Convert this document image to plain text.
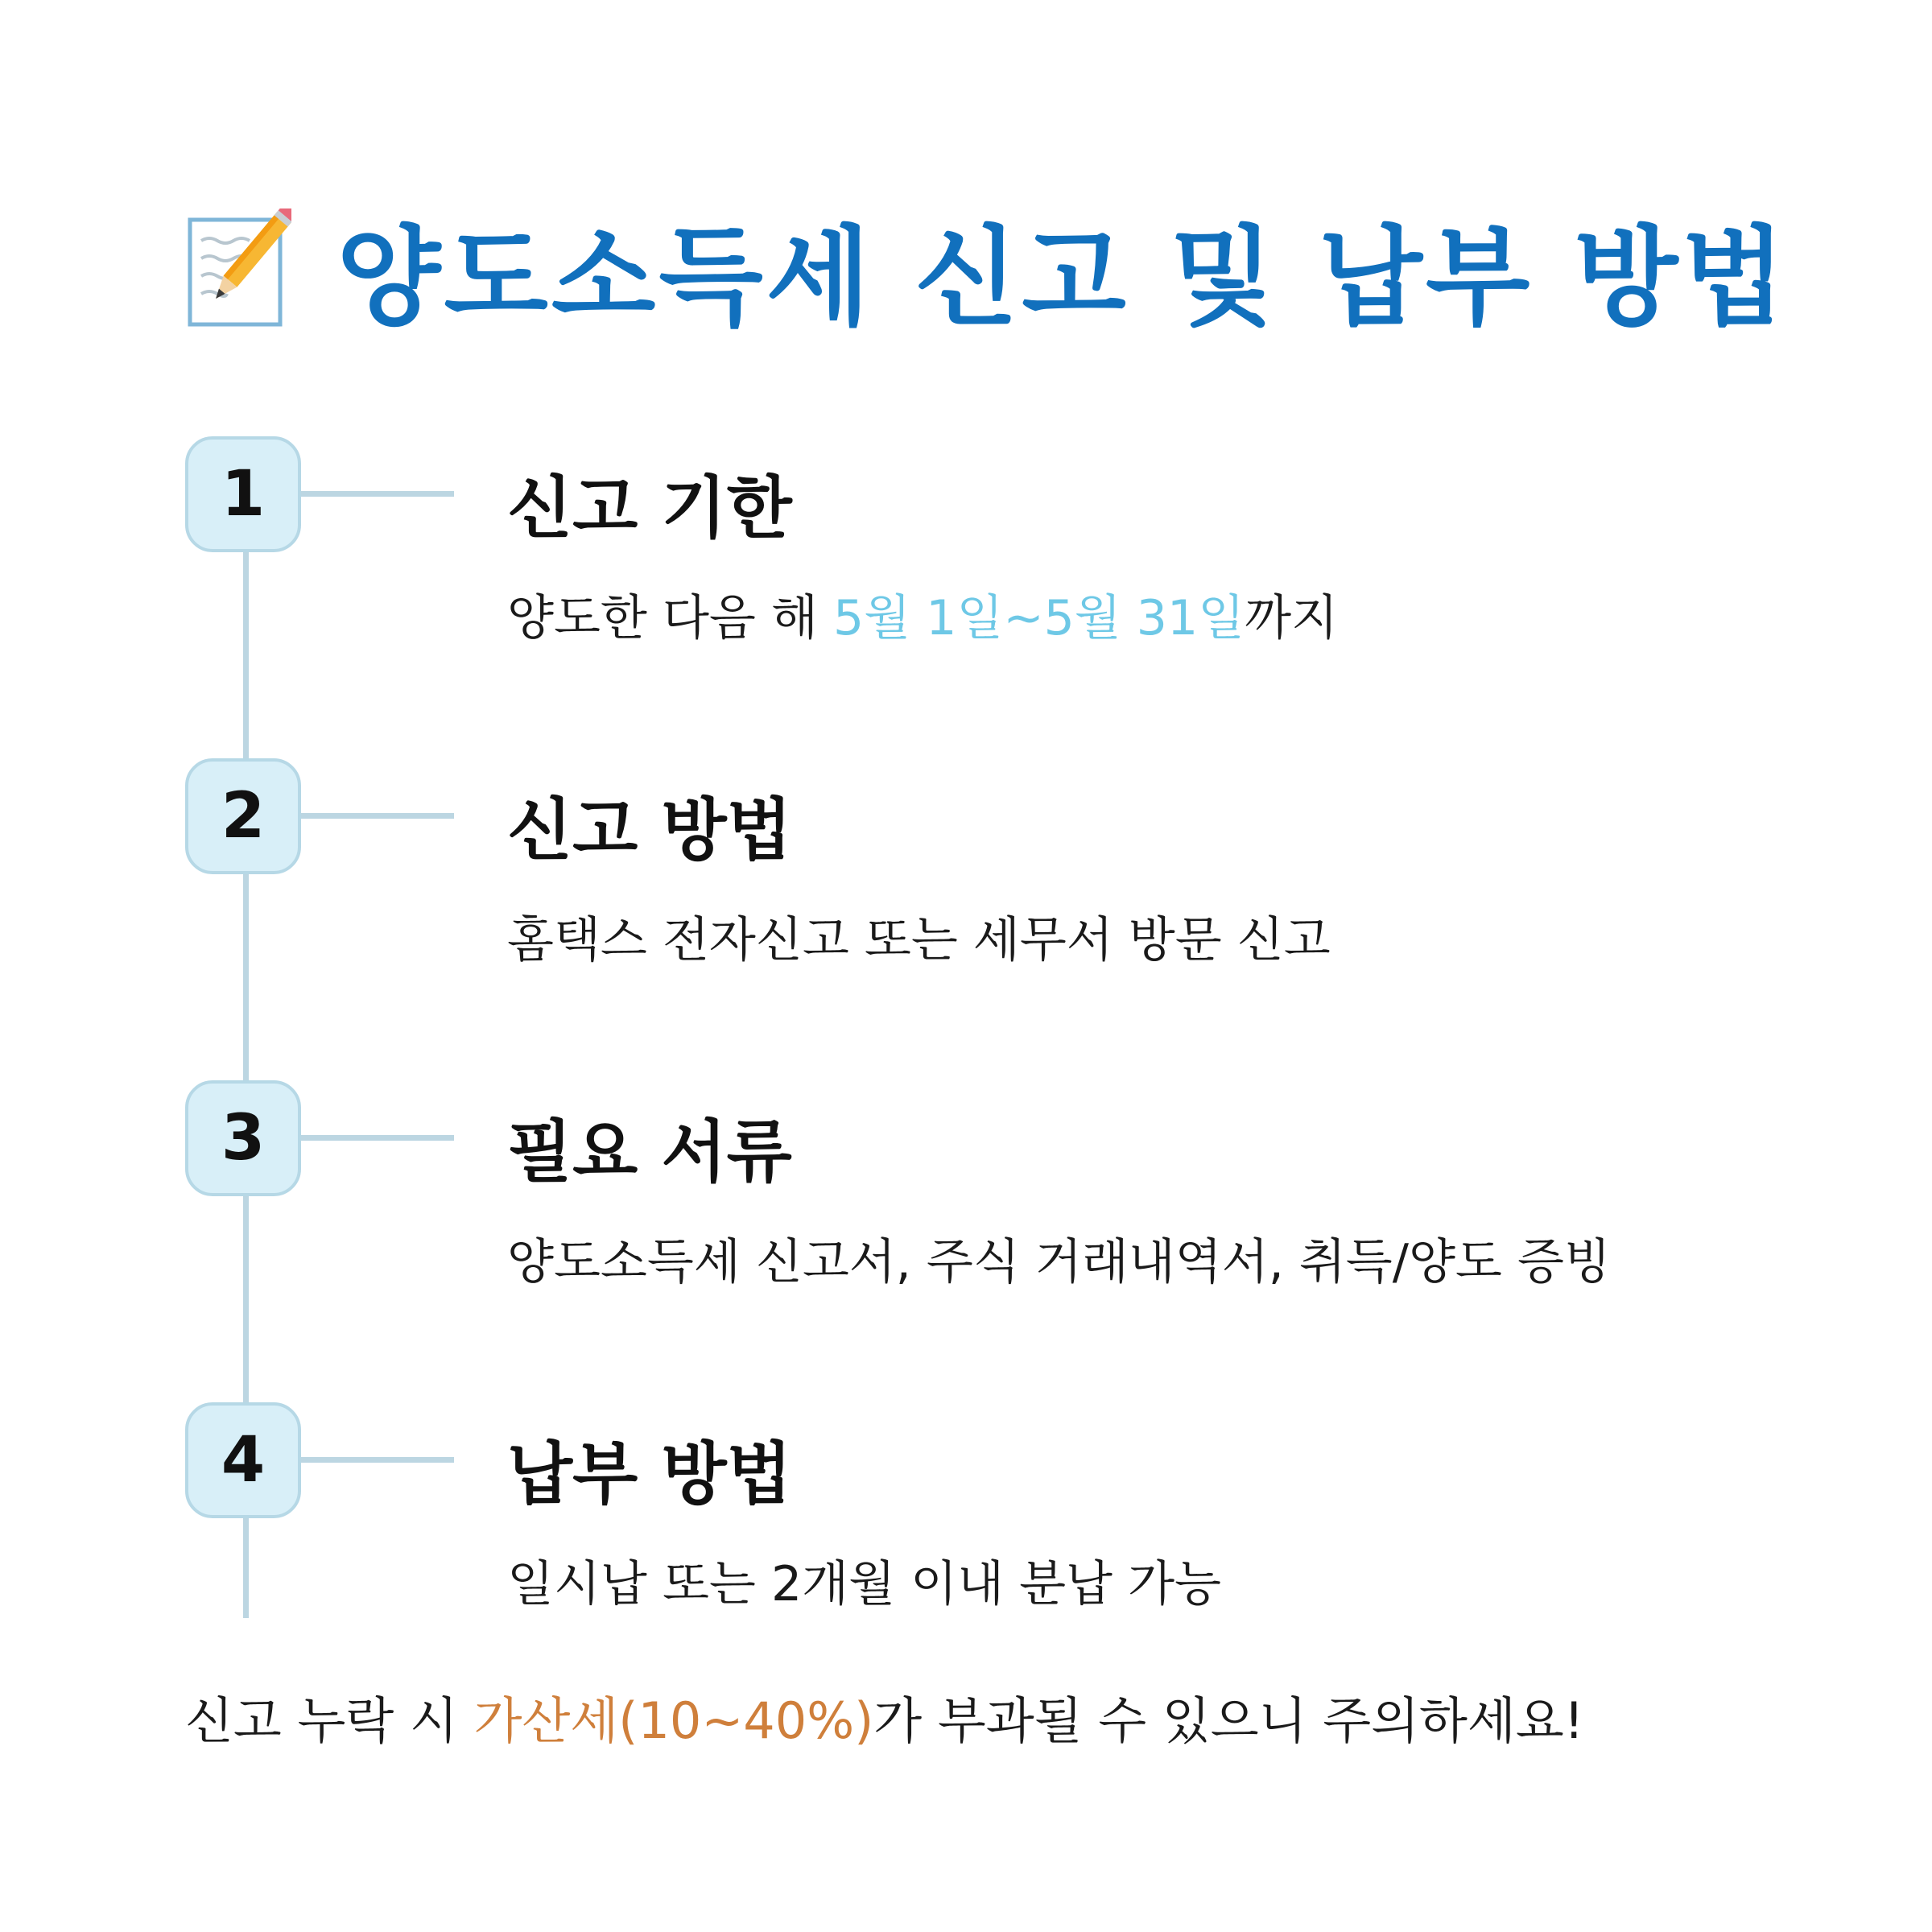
양도소득세 신고 및 납부 방법
1	신고 기한
양도한 다음 해 5월 1일~5월 31일까지
2	신고 방법
홈택스 전자신고 또는 세무서 방문 신고
3	필요 서류
양도소득세 신고서, 주식 거래내역서, 취득/양도 증빙
4	납부 방법
일시납 또는 2개월 이내 분납 가능
신고 누락 시 가산세(10~40%)가 부과될 수 있으니 주의하세요!
